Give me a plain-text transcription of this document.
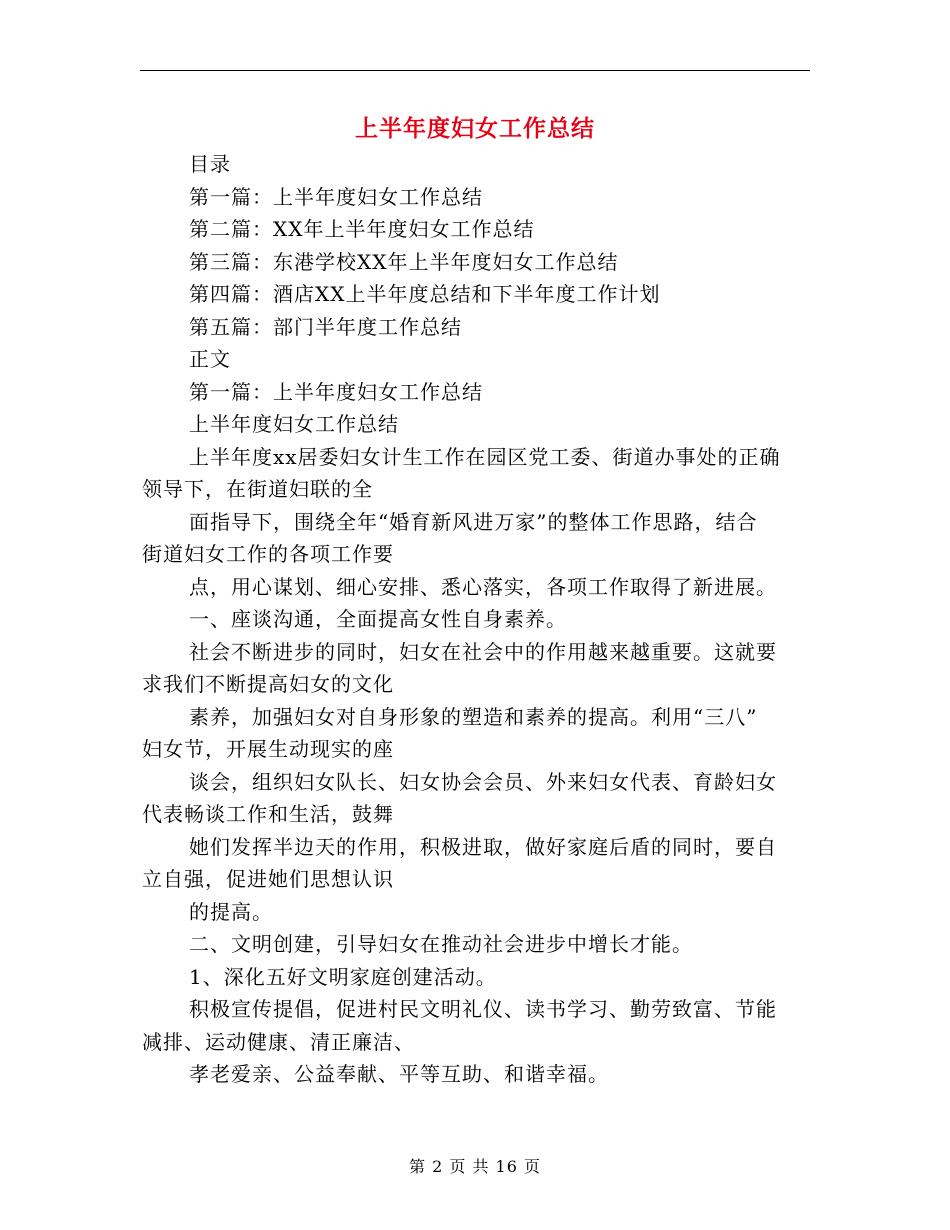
上半年度妇女工作总结
目录
第一篇：上半年度妇女工作总结
第二篇：XX年上半年度妇女工作总结
第三篇：东港学校XX年上半年度妇女工作总结
第四篇：酒店XX上半年度总结和下半年度工作计划
第五篇：部门半年度工作总结
正文
第一篇：上半年度妇女工作总结
上半年度妇女工作总结
上半年度xx居委妇女计生工作在园区党工委、街道办事处的正确
领导下，在街道妇联的全
面指导下，围绕全年“婚育新风进万家”的整体工作思路，结合
街道妇女工作的各项工作要
点，用心谋划、细心安排、悉心落实，各项工作取得了新进展。
一、座谈沟通，全面提高女性自身素养。
社会不断进步的同时，妇女在社会中的作用越来越重要。这就要
求我们不断提高妇女的文化
素养，加强妇女对自身形象的塑造和素养的提高。利用“三八”
妇女节，开展生动现实的座
谈会，组织妇女队长、妇女协会会员、外来妇女代表、育龄妇女
代表畅谈工作和生活，鼓舞
她们发挥半边天的作用，积极进取，做好家庭后盾的同时，要自
立自强，促进她们思想认识
的提高。
二、文明创建，引导妇女在推动社会进步中增长才能。
1、深化五好文明家庭创建活动。
积极宣传提倡，促进村民文明礼仪、读书学习、勤劳致富、节能
减排、运动健康、清正廉洁、
孝老爱亲、公益奉献、平等互助、和谐幸福。
第 2 页 共 16 页
